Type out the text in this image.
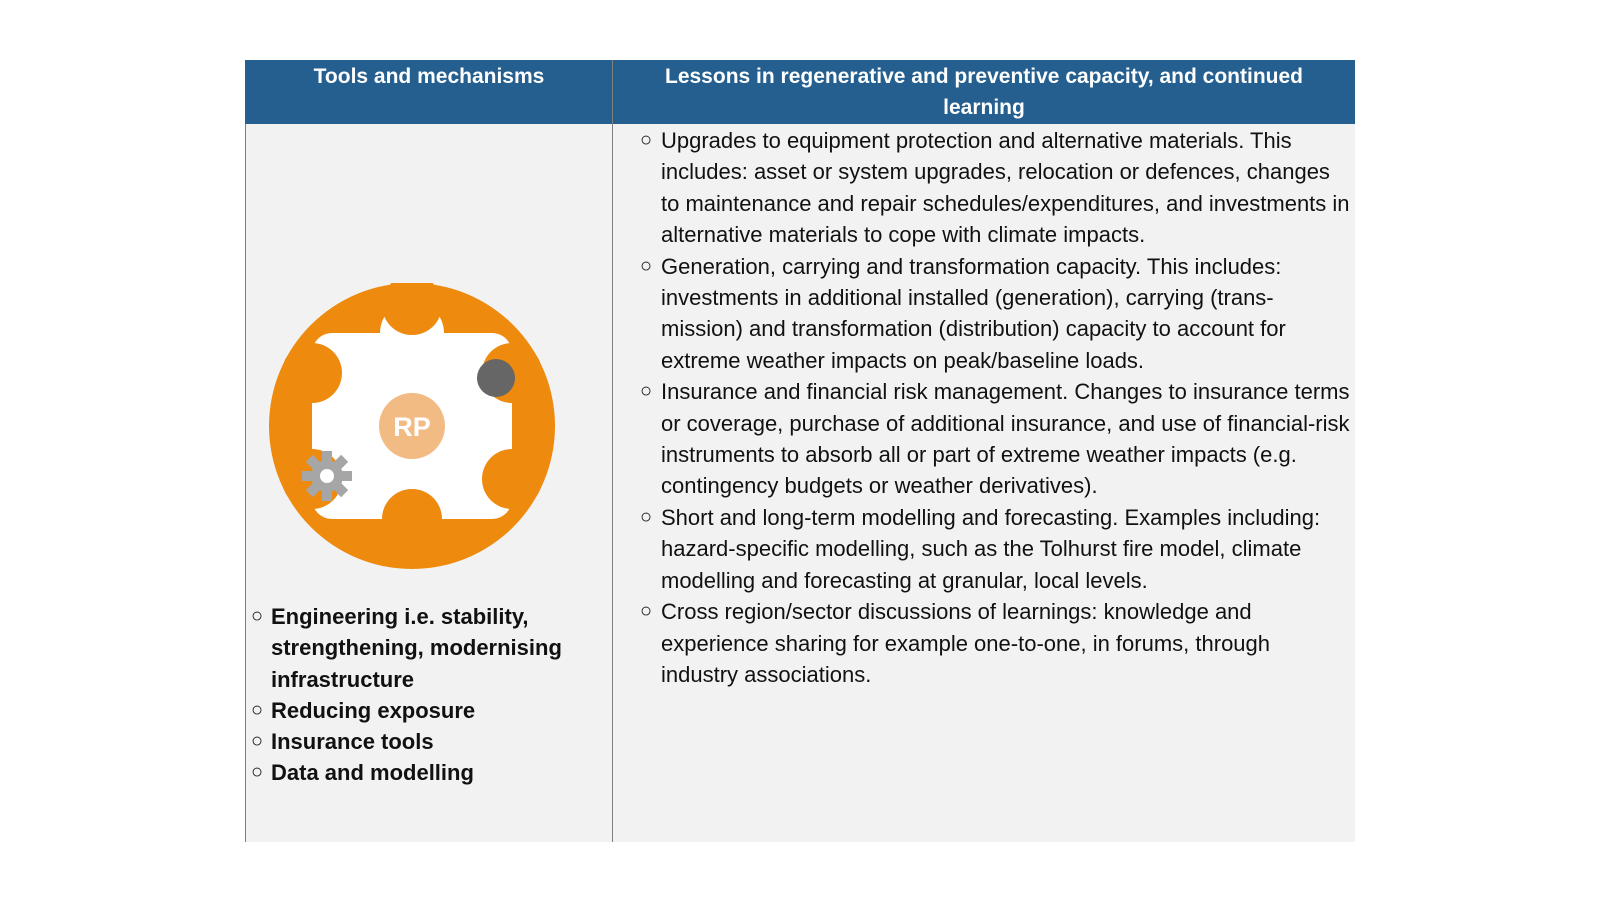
Tools and mechanisms	Lessons in regenerative and preventive capacity, and continued learning
RP
○ Engineering i.e. stability, strengthening, modernising infrastructure
○ Reducing exposure
○ Insurance tools
○ Data and modelling
○ Upgrades to equipment protection and alternative materials. This includes: asset or system upgrades, relocation or defences, changes to maintenance and repair schedules/expenditures, and investments in alternative materials to cope with climate impacts.
○ Generation, carrying and transformation capacity. This includes: investments in additional installed (generation), carrying (trans-mission) and transformation (distribution) capacity to account for extreme weather impacts on peak/baseline loads.
○ Insurance and financial risk management. Changes to insurance terms or coverage, purchase of additional insurance, and use of financial-risk instruments to absorb all or part of extreme weather impacts (e.g. contingency budgets or weather derivatives).
○ Short and long-term modelling and forecasting. Examples including: hazard-specific modelling, such as the Tolhurst fire model, climate modelling and forecasting at granular, local levels.
○ Cross region/sector discussions of learnings: knowledge and experience sharing for example one-to-one, in forums, through industry associations.
